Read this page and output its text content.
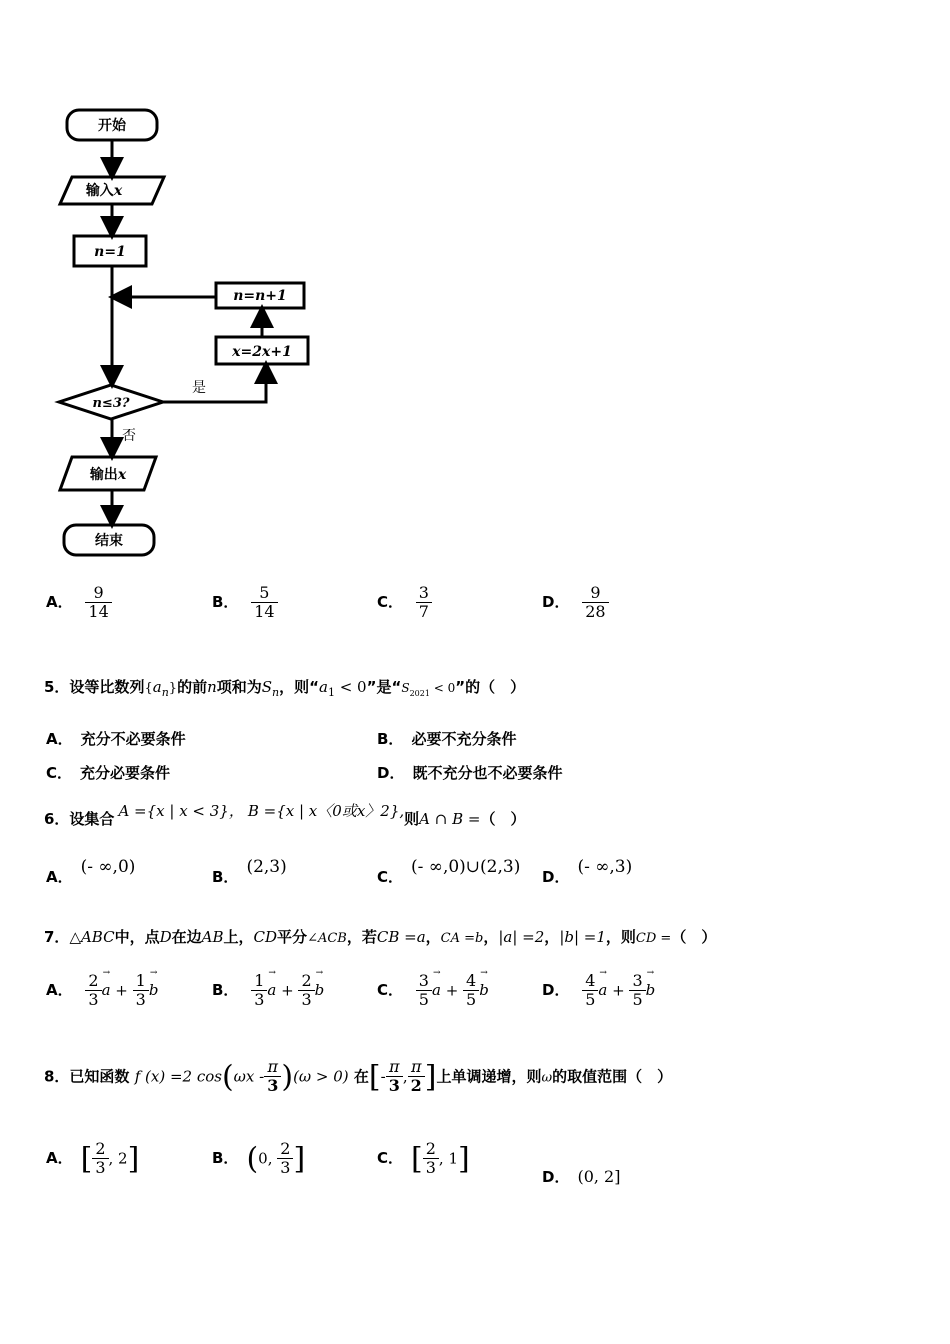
开始
输入x
n=1
n=n+1
x=2x+1
n≤3?
是
否
输出x
结束
A． $\frac{9}{14}$	B． $\frac{5}{14}$	C． $\frac{3}{7}$	D． $\frac{9}{28}$
5．设等比数列$\{a_n\}$的前n项和为$S_n$，则“$a_1 < 0$”是“$S_{2021} < 0$”的（　）
A． 充分不必要条件	B． 必要不充分条件
C． 充分必要条件	D． 既不充分也不必要条件
6．设集合 A ={x | x < 3}， B ={x | x〈0或x〉2},则A ∩ B =（　）
A． (- ∞,0)	B． (2,3)	C． (- ∞,0)∪(2,3) D． (- ∞,3)
7．△ABC中，点D在边AB上，CD平分∠ACB，若CB =a，CA =b，|a| =2，|b| =1，则CD =（　）
A． $\frac{2}{3}$
→ $a + \frac{1}{3}$
→ b	B． $\frac{1}{3}$
→ $a + \frac{2}{3}$
→ b	C． $\frac{3}{5}$
→ $a + \frac{4}{5}$
→ b	D． $\frac{4}{5}$
→ $a + \frac{3}{5}$
→ b
8．已知函数 f (x) =2 $\cos(\omega x - \frac{\pi}{3} )(\omega > 0)$ 在[- $\frac{\pi}{3}$ , $\frac{\pi}{2}$ ]上单调递增，则ω的取值范围（　）
A． [ $\frac{2}{3}$ , 2]	B． (0, $\frac{2}{3}$ ]	C． [ $\frac{2}{3}$ , 1]
D． (0, 2]
